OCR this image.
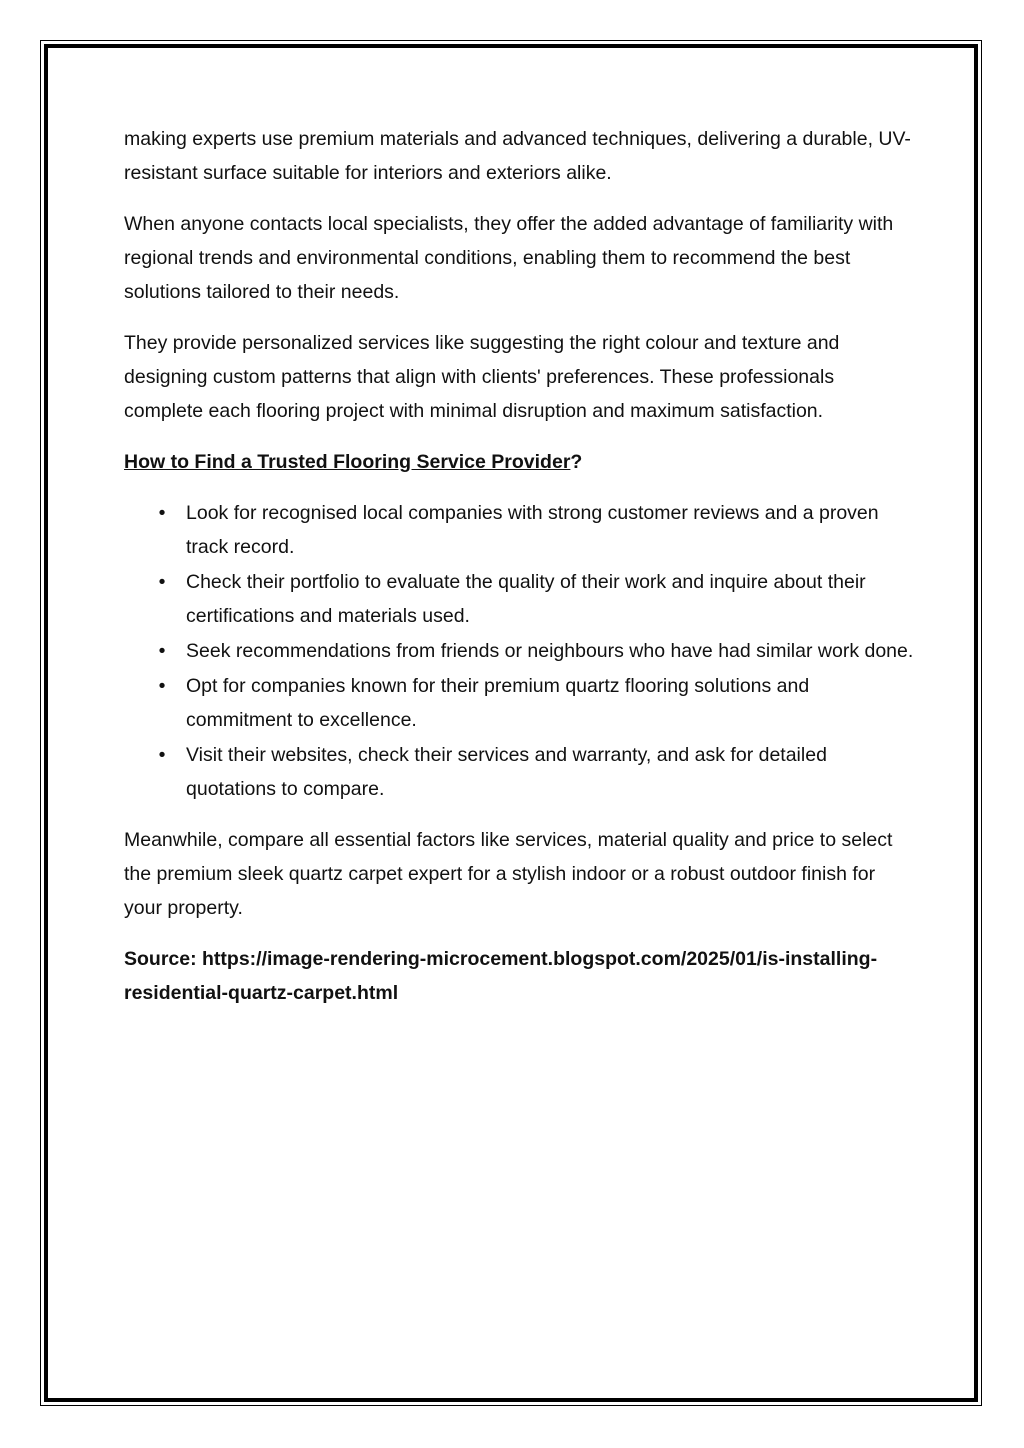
making experts use premium materials and advanced techniques, delivering a durable, UV-resistant surface suitable for interiors and exteriors alike.

When anyone contacts local specialists, they offer the added advantage of familiarity with regional trends and environmental conditions, enabling them to recommend the best solutions tailored to their needs.

They provide personalized services like suggesting the right colour and texture and designing custom patterns that align with clients' preferences. These professionals complete each flooring project with minimal disruption and maximum satisfaction.

How to Find a Trusted Flooring Service Provider?

• Look for recognised local companies with strong customer reviews and a proven track record.
• Check their portfolio to evaluate the quality of their work and inquire about their certifications and materials used.
• Seek recommendations from friends or neighbours who have had similar work done.
• Opt for companies known for their premium quartz flooring solutions and commitment to excellence.
• Visit their websites, check their services and warranty, and ask for detailed quotations to compare.

Meanwhile, compare all essential factors like services, material quality and price to select the premium sleek quartz carpet expert for a stylish indoor or a robust outdoor finish for your property.

Source: https://image-rendering-microcement.blogspot.com/2025/01/is-installing-residential-quartz-carpet.html
